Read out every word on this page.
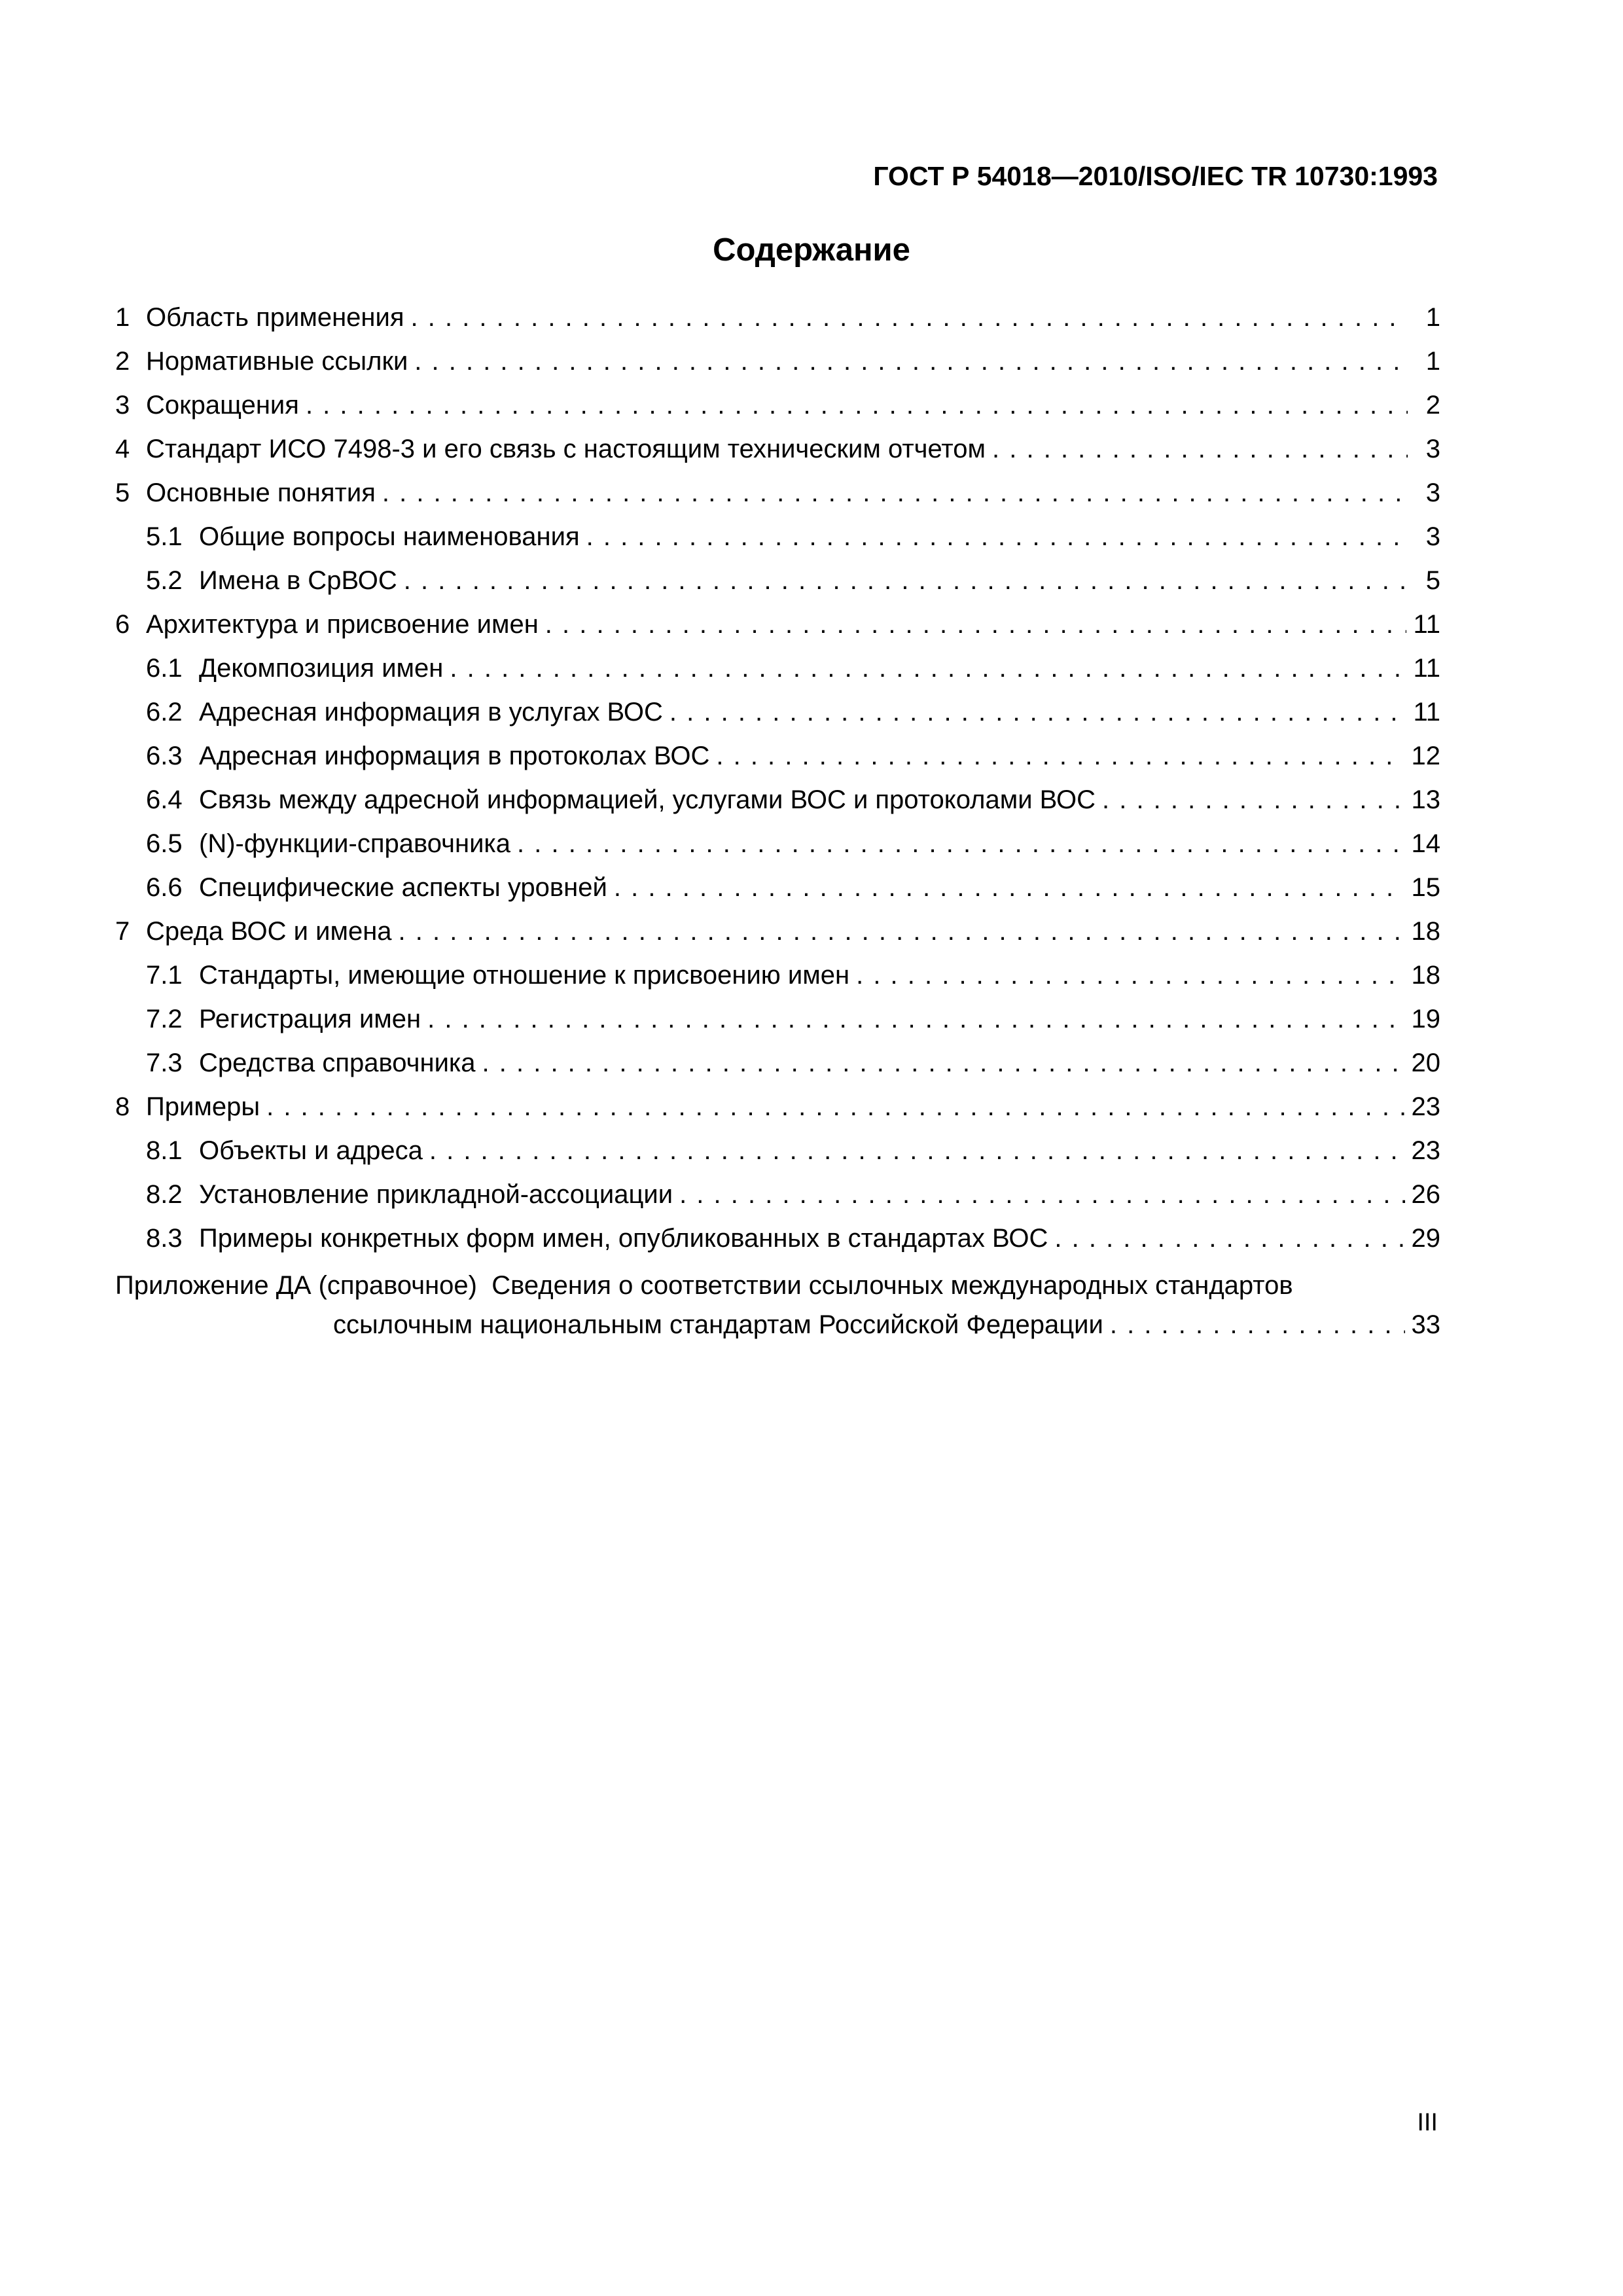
ГОСТ Р 54018—2010/ISO/IEC TR 10730:1993
Содержание
1 Область применения . . .	1
2 Нормативные ссылки . . .	1
3 Сокращения . . .	2
4 Стандарт ИСО 7498-3 и его связь с настоящим техническим отчетом . . .	3
5 Основные понятия . . .	3
5.1 Общие вопросы наименования . . .	3
5.2 Имена в СрВОС . . .	5
6 Архитектура и присвоение имен . . .	11
6.1 Декомпозиция имен . . .	11
6.2 Адресная информация в услугах ВОС . . .	11
6.3 Адресная информация в протоколах ВОС . . .	12
6.4 Связь между адресной информацией, услугами ВОС и протоколами ВОС . . .	13
6.5 (N)-функции-справочника . . .	14
6.6 Специфические аспекты уровней . . .	15
7 Среда ВОС и имена . . .	18
7.1 Стандарты, имеющие отношение к присвоению имен . . .	18
7.2 Регистрация имен . . .	19
7.3 Средства справочника . . .	20
8 Примеры . . .	23
8.1 Объекты и адреса . . .	23
8.2 Установление прикладной-ассоциации . . .	26
8.3 Примеры конкретных форм имен, опубликованных в стандартах ВОС . . .	29
Приложение ДА (справочное) Сведения о соответствии ссылочных международных стандартов
ссылочным национальным стандартам Российской Федерации . . .	33
III
